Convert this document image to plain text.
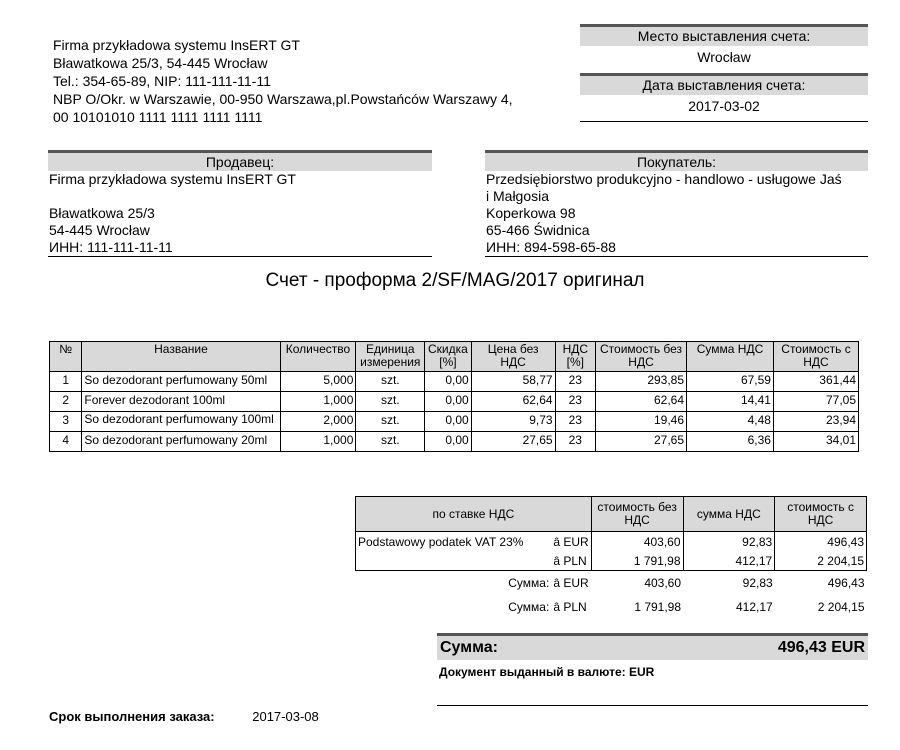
Firma przykładowa systemu InsERT GT
Bławatkowa 25/3, 54-445 Wrocław
Tel.: 354-65-89, NIP: 111-111-11-11
NBP O/Okr. w Warszawie, 00-950 Warszawa,pl.Powstańców Warszawy 4,
00 10101010 1111 1111 1111 1111
Место выставления счета:
Wrocław
Дата выставления счета:
2017-03-02
Продавец:
Firma przykładowa systemu InsERT GT
Bławatkowa 25/3
54-445 Wrocław
ИНН: 111-111-11-11
Покупатель:
Przedsiębiorstwo produkcyjno - handlowo - usługowe Jaś
i Małgosia
Koperkowa 98
65-466 Świdnica
ИНН: 894-598-65-88
Счет - проформа 2/SF/MAG/2017 оригинал
№	Название	Количество	Единица измерения	Скидка [%]	Цена без НДС	НДС [%]	Стоимость без НДС	Сумма НДС	Стоимость с НДС
1	So dezodorant perfumowany 50ml	5,000	szt.	0,00	58,77	23	293,85	67,59	361,44
2	Forever dezodorant 100ml	1,000	szt.	0,00	62,64	23	62,64	14,41	77,05
3	So dezodorant perfumowany 100ml	2,000	szt.	0,00	9,73	23	19,46	4,48	23,94
4	So dezodorant perfumowany 20ml	1,000	szt.	0,00	27,65	23	27,65	6,36	34,01
по ставке НДС		стоимость без НДС	сумма НДС	стоимость с НДС
Podstawowy podatek VAT 23%	â EUR	403,60	92,83	496,43
	â PLN	1 791,98	412,17	2 204,15
Сумма:	â EUR	403,60	92,83	496,43
Сумма:	â PLN	1 791,98	412,17	2 204,15
Сумма:	496,43 EUR
Документ выданный в валюте: EUR
Срок выполнения заказа:	2017-03-08
